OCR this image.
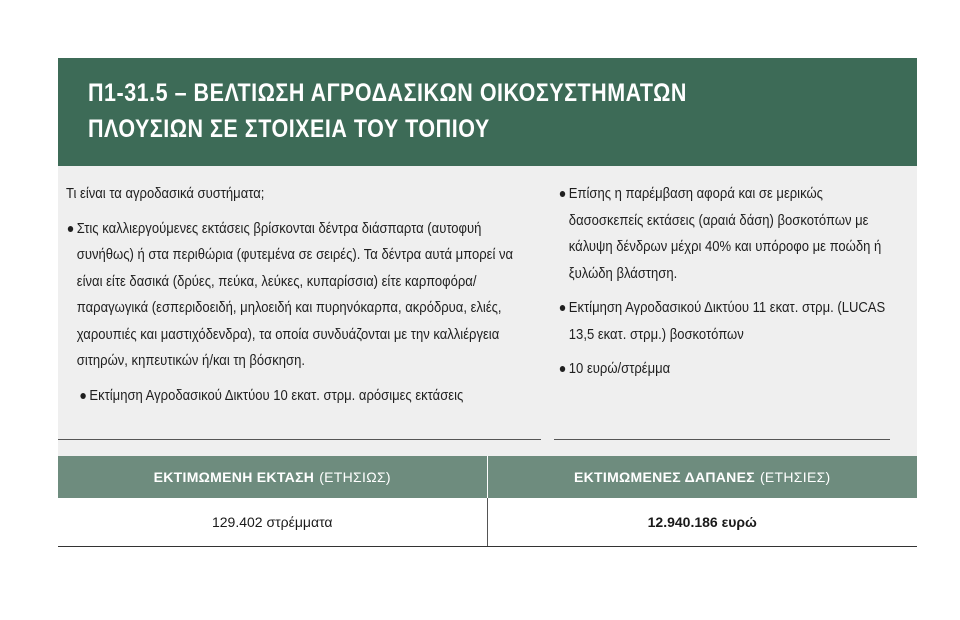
Π1-31.5 – ΒΕΛΤΙΩΣΗ ΑΓΡΟΔΑΣΙΚΩΝ ΟΙΚΟΣΥΣΤΗΜΑΤΩΝ
ΠΛΟΥΣΙΩΝ ΣΕ ΣΤΟΙΧΕΙΑ ΤΟΥ ΤΟΠΙΟΥ

Τι είναι τα αγροδασικά συστήματα;

Στις καλλιεργούμενες εκτάσεις βρίσκονται δέντρα διάσπαρτα (αυτοφυή συνήθως) ή στα περιθώρια (φυτεμένα σε σειρές). Τα δέντρα αυτά μπορεί να είναι είτε δασικά (δρύες, πεύκα, λεύκες, κυπαρίσσια) είτε καρποφόρα/παραγωγικά (εσπεριδοειδή, μηλοειδή και πυρηνόκαρπα, ακρόδρυα, ελιές, χαρουπιές και μαστιχόδενδρα), τα οποία συνδυάζονται με την καλλιέργεια σιτηρών, κηπευτικών ή/και τη βόσκηση.

Εκτίμηση Αγροδασικού Δικτύου 10 εκατ. στρμ. αρόσιμες εκτάσεις

Επίσης η παρέμβαση αφορά και σε μερικώς δασοσκεπείς εκτάσεις (αραιά δάση) βοσκοτόπων με κάλυψη δένδρων μέχρι 40% και υπόροφο με ποώδη ή ξυλώδη βλάστηση.

Εκτίμηση Αγροδασικού Δικτύου 11 εκατ. στρμ. (LUCAS 13,5 εκατ. στρμ.) βοσκοτόπων

10 ευρώ/στρέμμα

ΕΚΤΙΜΩΜΕΝΗ ΕΚΤΑΣΗ (ΕΤΗΣΙΩΣ)	ΕΚΤΙΜΩΜΕΝΕΣ ΔΑΠΑΝΕΣ (ΕΤΗΣΙΕΣ)
129.402 στρέμματα	12.940.186 ευρώ
